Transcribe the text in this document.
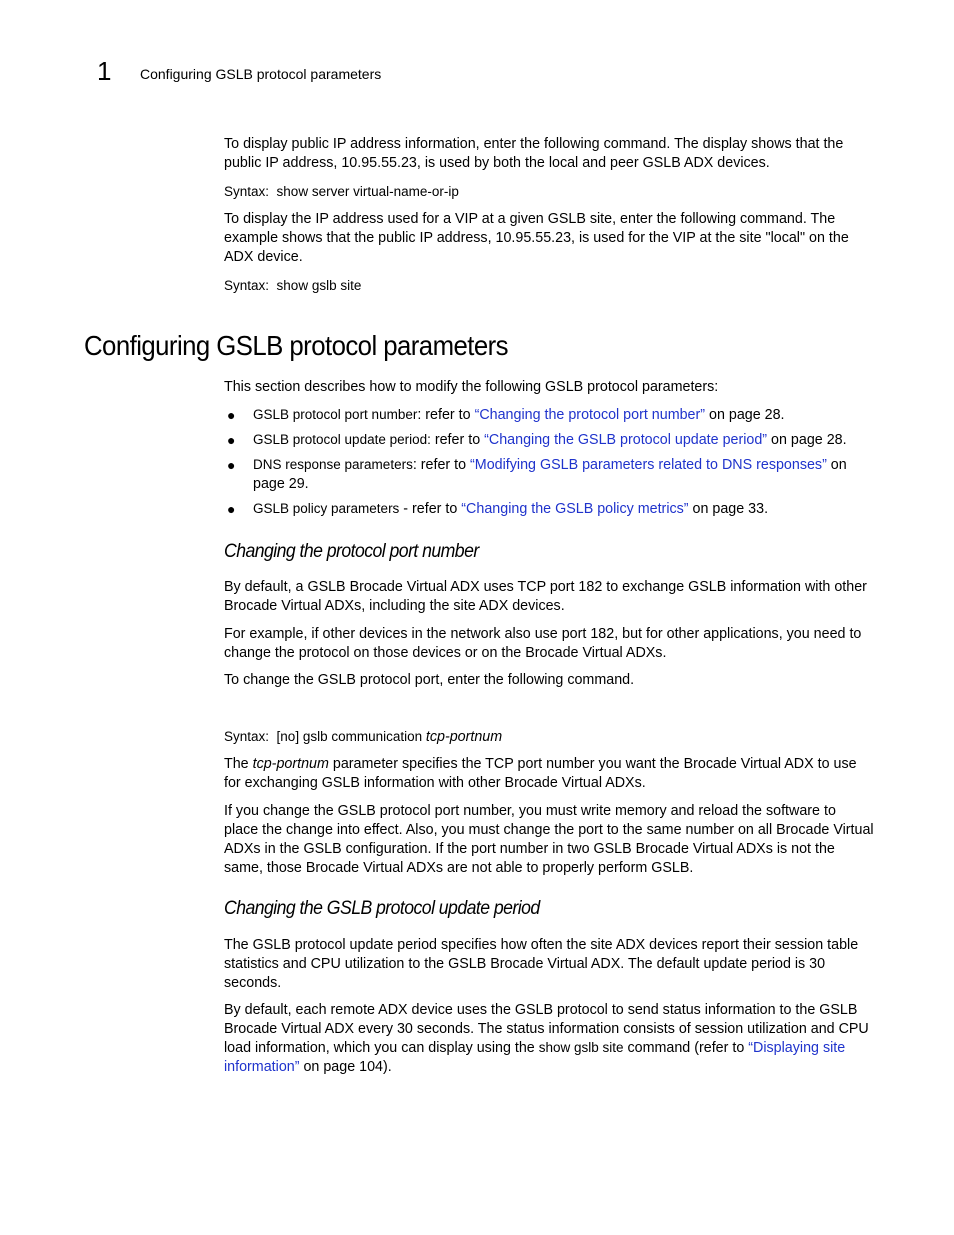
1 Configuring GSLB protocol parameters
To display public IP address information, enter the following command. The display shows that the public IP address, 10.95.55.23, is used by both the local and peer GSLB ADX devices.
Syntax: show server virtual-name-or-ip
To display the IP address used for a VIP at a given GSLB site, enter the following command. The example shows that the public IP address, 10.95.55.23, is used for the VIP at the site "local" on the ADX device.
Syntax: show gslb site
Configuring GSLB protocol parameters
This section describes how to modify the following GSLB protocol parameters:
● GSLB protocol port number: refer to “Changing the protocol port number” on page 28.
● GSLB protocol update period: refer to “Changing the GSLB protocol update period” on page 28.
● DNS response parameters: refer to “Modifying GSLB parameters related to DNS responses” on page 29.
● GSLB policy parameters - refer to “Changing the GSLB policy metrics” on page 33.
Changing the protocol port number
By default, a GSLB Brocade Virtual ADX uses TCP port 182 to exchange GSLB information with other Brocade Virtual ADXs, including the site ADX devices.
For example, if other devices in the network also use port 182, but for other applications, you need to change the protocol on those devices or on the Brocade Virtual ADXs.
To change the GSLB protocol port, enter the following command.
Syntax: [no] gslb communication tcp-portnum
The tcp-portnum parameter specifies the TCP port number you want the Brocade Virtual ADX to use for exchanging GSLB information with other Brocade Virtual ADXs.
If you change the GSLB protocol port number, you must write memory and reload the software to place the change into effect. Also, you must change the port to the same number on all Brocade Virtual ADXs in the GSLB configuration. If the port number in two GSLB Brocade Virtual ADXs is not the same, those Brocade Virtual ADXs are not able to properly perform GSLB.
Changing the GSLB protocol update period
The GSLB protocol update period specifies how often the site ADX devices report their session table statistics and CPU utilization to the GSLB Brocade Virtual ADX. The default update period is 30 seconds.
By default, each remote ADX device uses the GSLB protocol to send status information to the GSLB Brocade Virtual ADX every 30 seconds. The status information consists of session utilization and CPU load information, which you can display using the show gslb site command (refer to “Displaying site information” on page 104).
